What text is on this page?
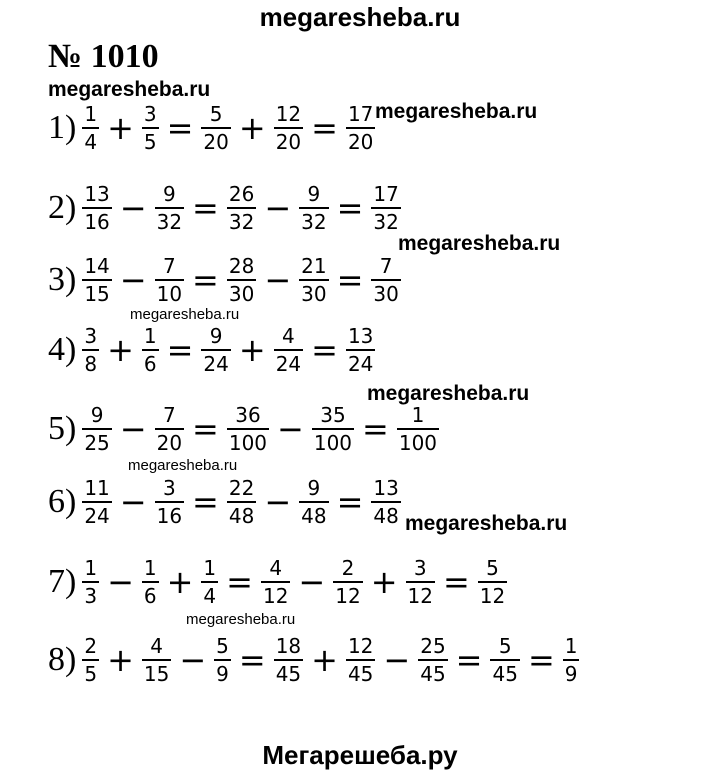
megaresheba.ru
№ 1010
megaresheba.ru
megaresheba.ru
megaresheba.ru
megaresheba.ru
megaresheba.ru
megaresheba.ru
megaresheba.ru
megaresheba.ru
$1) \frac{1}{4} + \frac{3}{5} = \frac{5}{20} + \frac{12}{20} = \frac{17}{20}$
$2) \frac{13}{16} - \frac{9}{32} = \frac{26}{32} - \frac{9}{32} = \frac{17}{32}$
$3) \frac{14}{15} - \frac{7}{10} = \frac{28}{30} - \frac{21}{30} = \frac{7}{30}$
$4) \frac{3}{8} + \frac{1}{6} = \frac{9}{24} + \frac{4}{24} = \frac{13}{24}$
$5) \frac{9}{25} - \frac{7}{20} = \frac{36}{100} - \frac{35}{100} = \frac{1}{100}$
$6) \frac{11}{24} - \frac{3}{16} = \frac{22}{48} - \frac{9}{48} = \frac{13}{48}$
$7) \frac{1}{3} - \frac{1}{6} + \frac{1}{4} = \frac{4}{12} - \frac{2}{12} + \frac{3}{12} = \frac{5}{12}$
$8) \frac{2}{5} + \frac{4}{15} - \frac{5}{9} = \frac{18}{45} + \frac{12}{45} - \frac{25}{45} = \frac{5}{45} = \frac{1}{9}$
Мегарешеба.ру
